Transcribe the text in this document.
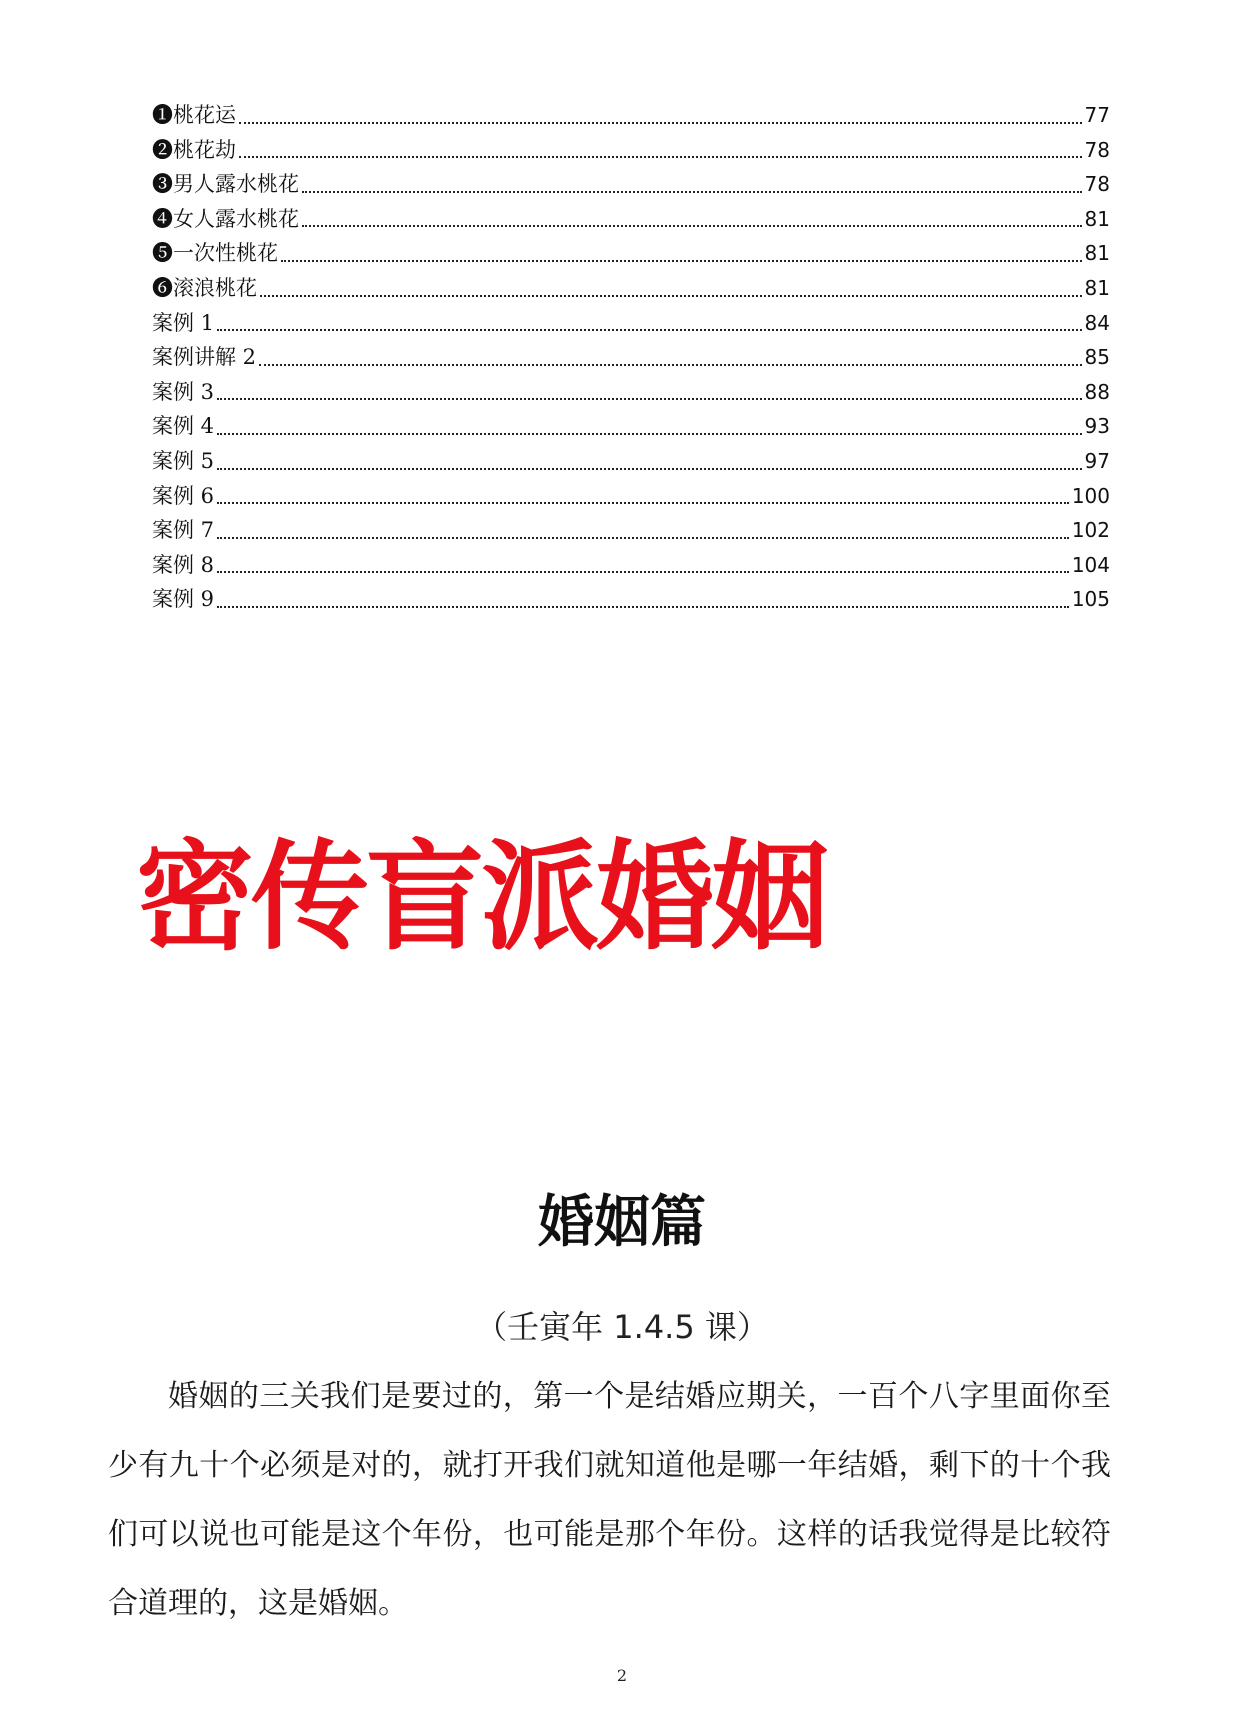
❶桃花运	77
❷桃花劫	78
❸男人露水桃花	78
❹女人露水桃花	81
❺一次性桃花	81
❻滚浪桃花	81
案例 1	84
案例讲解 2	85
案例 3	88
案例 4	93
案例 5	97
案例 6	100
案例 7	102
案例 8	104
案例 9	105
密传盲派婚姻
婚姻篇
（壬寅年 1.4.5 课）

婚姻的三关我们是要过的，第一个是结婚应期关，一百个八字里面你至少有九十个必须是对的，就打开我们就知道他是哪一年结婚，剩下的十个我们可以说也可能是这个年份，也可能是那个年份。这样的话我觉得是比较符合道理的，这是婚姻。

2
